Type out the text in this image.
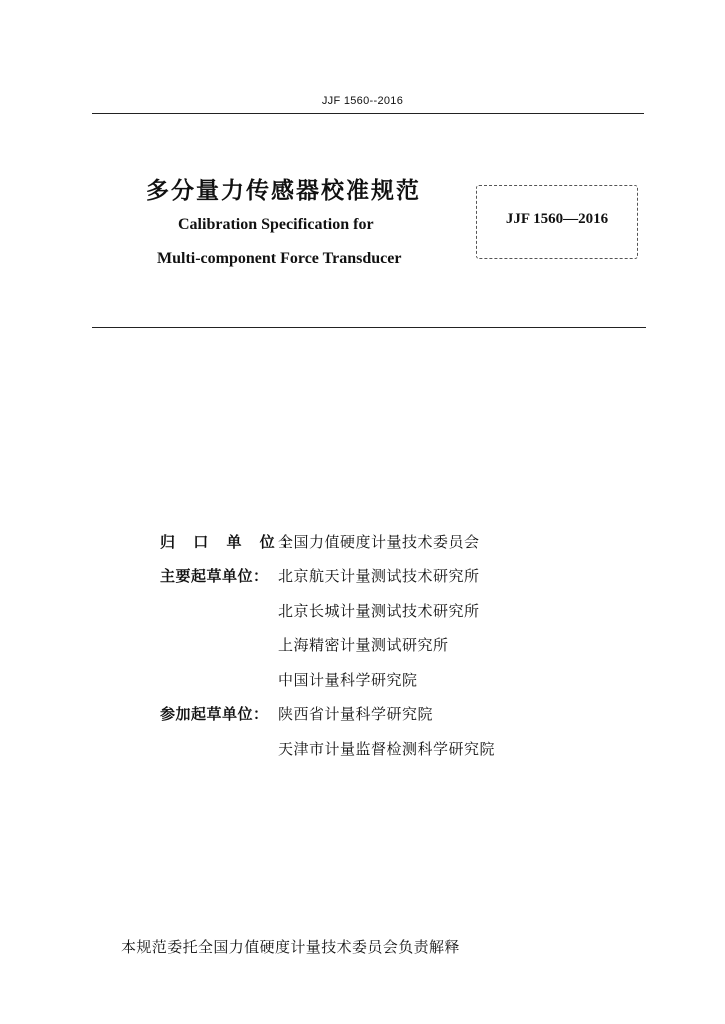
JJF 1560--2016
多分量力传感器校准规范
Calibration Specification for
Multi-component Force Transducer
JJF 1560—2016
归 口 单 位：
全国力值硬度计量技术委员会
主要起草单位： 北京航天计量测试技术研究所
北京长城计量测试技术研究所
上海精密计量测试研究所
中国计量科学研究院
参加起草单位： 陕西省计量科学研究院
天津市计量监督检测科学研究院
本规范委托全国力值硬度计量技术委员会负责解释
